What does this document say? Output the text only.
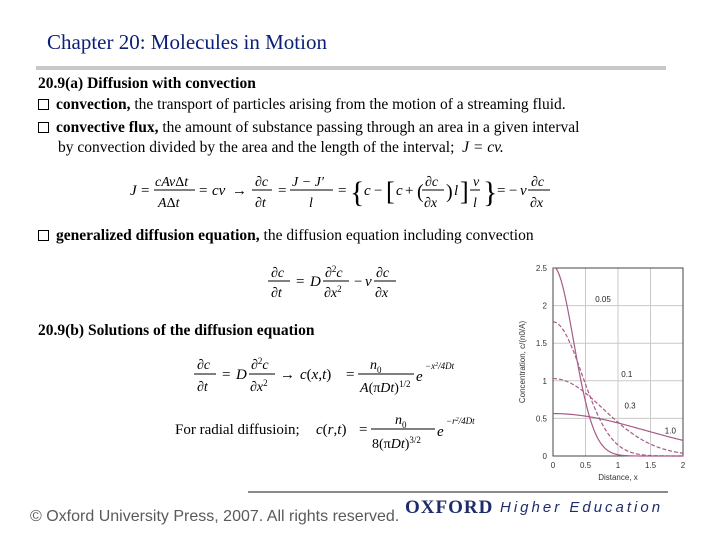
Chapter 20: Molecules in Motion
20.9(a) Diffusion with convection
convection, the transport of particles arising from the motion of a streaming fluid.
convective flux, the amount of substance passing through an area in a given interval
by convection divided by the area and the length of the interval; J = cv.
J =
cAvΔt
AΔt
= cv →
∂c
∂t
=
J − J′
l
= { c − [ c + ( ∂c
∂x
) l ] v
l } = − v
∂c
∂x
generalized diffusion equation, the diffusion equation including convection
∂c
∂t
= D
∂$^2$c
$\partial x^2 - v$
∂c
∂x
20.9(b) Solutions of the diffusion equation
∂c
∂t
= D
∂$^2$c
$\partial x^2 \to c(x,t)$ =
$n_0$
$A(\pi Dt)^{1/2}$ e
$-x^2/4Dt$
For radial diffusioin; c(r,t) =
$n_0$
$8(\pi Dt)^{3/2}$ e
$-r^2/4Dt$
0
0.5
1
1.5
2
2.5
0	0.5	1	1.5	2
Distance, x
Concentration, c/(n0/A)
0.05
0.1
0.3
1.0
© Oxford University Press, 2007. All rights reserved. OXFORD Higher Education
